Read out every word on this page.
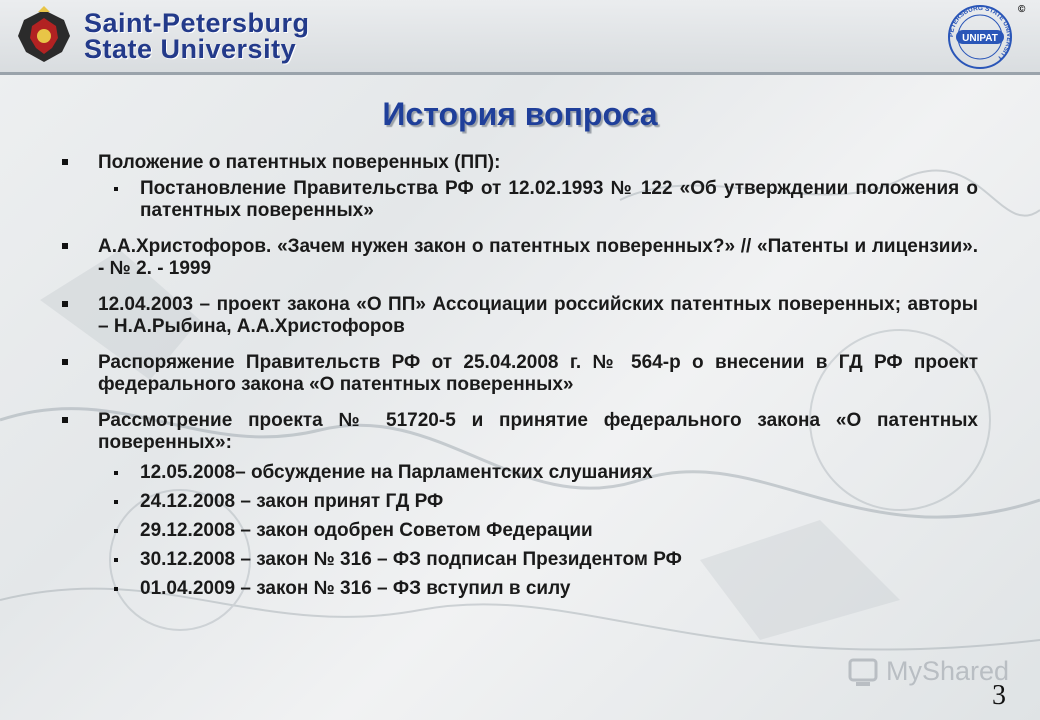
Saint-Petersburg
State University	PETERSBURG STATE UNIVERSITY
UNIPAT
©
История вопроса
Положение о патентных поверенных (ПП):
Постановление Правительства РФ от 12.02.1993 № 122 «Об утверждении положения о патентных поверенных»
А.А.Христофоров. «Зачем нужен закон о патентных поверенных?» // «Патенты и лицензии». - № 2. - 1999
12.04.2003 – проект закона «О ПП» Ассоциации российских патентных поверенных; авторы – Н.А.Рыбина, А.А.Христофоров
Распоряжение Правительств РФ от 25.04.2008 г. № 564-р о внесении в ГД РФ проект федерального закона «О патентных поверенных»
Рассмотрение проекта № 51720-5 и принятие федерального закона «О патентных поверенных»:
12.05.2008– обсуждение на Парламентских слушаниях
24.12.2008 – закон принят ГД РФ
29.12.2008 – закон одобрен Советом Федерации
30.12.2008 – закон № 316 – ФЗ подписан Президентом РФ
01.04.2009 – закон № 316 – ФЗ вступил в силу
MyShared
3
